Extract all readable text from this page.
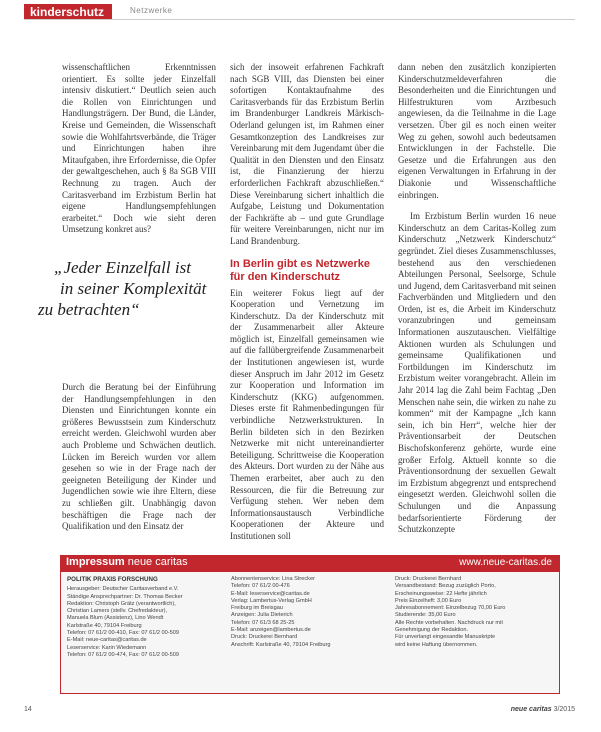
kinderschutz	Netzwerke

wissenschaftlichen Erkenntnissen orientiert. Es sollte jeder Einzelfall intensiv diskutiert.“ Deutlich seien auch die Rollen von Einrichtungen und Handlungsträgern. Der Bund, die Länder, Kreise und Gemeinden, die Wissenschaft sowie die Wohlfahrtsverbände, die Träger und Einrichtungen haben ihre Mitaufgaben, ihre Erfordernisse, die Opfer der gewaltgeschehen, auch § 8a SGB VIII Rechnung zu tragen. Auch der Caritasverband im Erzbistum Berlin hat eigene Handlungsempfehlungen erarbeitet.“ Doch wie sieht deren Umsetzung konkret aus?

„Jeder Einzelfall ist
in seiner Komplexität
zu betrachten“

Durch die Beratung bei der Einführung der Handlungsempfehlungen in den Diensten und Einrichtungen konnte ein größeres Bewusstsein zum Kinderschutz erreicht werden. Gleichwohl wurden aber auch Probleme und Schwächen deutlich. Lücken im Bereich wurden vor allem gesehen so wie in der Frage nach der geeigneten Beteiligung der Kinder und Jugendlichen sowie wie ihre Eltern, diese zu schließen gilt. Unabhängig davon beschäftigen die Frage nach der Qualifikation und den Einsatz der

sich der insoweit erfahrenen Fachkraft nach SGB VIII, das Diensten bei einer sofortigen Kontaktaufnahme des Caritasverbands für das Erzbistum Berlin im Brandenburger Landkreis Märkisch-Oderland gelungen ist, im Rahmen einer Gesamtkonzeption des Landkreises zur Vereinbarung mit dem Jugendamt über die Qualität in den Diensten und den Einsatz ist, die Finanzierung der hierzu erforderlichen Fachkraft abzuschließen.“ Diese Vereinbarung sichert inhaltlich die Aufgabe, Leistung und Dokumentation der Fachkräfte ab – und gute Grundlage für weitere Vereinbarungen, nicht nur im Land Brandenburg.

In Berlin gibt es Netzwerke für den Kinderschutz

Ein weiterer Fokus liegt auf der Kooperation und Vernetzung im Kinderschutz. Da der Kinderschutz mit der Zusammenarbeit aller Akteure möglich ist, Einzelfall gemeinsamen wie auf die fallübergreifende Zusammenarbeit der Institutionen angewiesen ist, wurde dieser Anspruch im Jahr 2012 im Gesetz zur Kooperation und Information im Kinderschutz (KKG) aufgenommen. Dieses erste fit Rahmenbedingungen für verbindliche Netzwerkstrukturen. In Berlin bildeten sich in den Bezirken Netzwerke mit nicht untereinandierter Beteiligung. Schrittweise die Kooperation des Akteurs. Dort wurden zu der Nähe aus Themen erarbeitet, aber auch zu den Ressourcen, die für die Betreuung zur Verfügung stehen. Wer neben dem Informationsaustausch Verbindliche Kooperationen der Akteure und Institutionen soll

dann neben den zusätzlich konzipierten Kinderschutzmeldeverfahren die Besonderheiten und die Einrichtungen und Hilfestrukturen vom Arztbesuch angewiesen, da die Teilnahme in die Lage versetzen. Über gil es noch einen weiter Weg zu gehen, sowohl auch bedeutsamen Entwicklungen in der Fachstelle. Die Gesetze und die Erfahrungen aus den eigenen Verwaltungen in Erfahrung in der Diakonie und Wissenschaftliche einbringen.

Im Erzbistum Berlin wurden 16 neue Kinderschutz an dem Caritas-Kolleg zum Kinderschutz „Netzwerk Kinderschutz“ gegründet. Ziel dieses Zusammenschlusses, bestehend aus den verschiedenen Abteilungen Personal, Seelsorge, Schule und Jugend, dem Caritasverband mit seinen Fachverbänden und Mitgliedern und den Orden, ist es, die Arbeit im Kinderschutz voranzubringen und gemeinsam Informationen auszutauschen. Vielfältige Aktionen wurden als Schulungen und gemeinsame Qualifikationen und Fortbildungen im Kinderschutz im Erzbistum weiter vorangebracht. Allein im Jahr 2014 lag die Zahl beim Fachtag „Den Menschen nahe sein, die wirken zu nahe zu kommen“ mit der Kampagne „Ich kann sein, ich bin Herr“, welche hier der Präventionsarbeit der Deutschen Bischofskonferenz gehörte, wurde eine großer Erfolg. Aktuell konnte so die Präventionsordnung der sexuellen Gewalt im Erzbistum abgegrenzt und entsprechend eingesetzt werden. Gleichwohl sollen die Schulungen und die Anpassung bedarfsorientierte Förderung der Schutzkonzepte

Impressum neue caritas	www.neue-caritas.de

POLITIK PRAXIS FORSCHUNG

Herausgeber: Deutscher Caritasverband e.V.
Ständige Ansprechpartner: Dr. Thomas Becker
Redaktion: Christoph Grätz (verantwortlich),
Christian Lamers (stellv. Chefredakteur),
Manuela Blum (Assistenz), Lino Wendt
Karlstraße 40, 79104 Freiburg
Telefon: 07 61/2 00-410, Fax: 07 61/2 00-509
E-Mail: neue-caritas@caritas.de
Leserservice: Karin Wiedemann
Telefon: 07 61/2 00-474, Fax: 07 61/2 00-509
Abonnentenservice: Lina Strecker
Telefon: 07 61/2 00-476
E-Mail: leserservice@caritas.de
Verlag: Lambertus-Verlag GmbH
Freiburg im Breisgau
Anzeigen: Julia Dieterich
Telefon: 07 61/3 68 25-25
E-Mail: anzeigen@lambertus.de
Druck: Druckerei Bernhard
Anschrift: Karlstraße 40, 79104 Freiburg
Druck: Druckerei Bernhard
Versandbestand: Bezug zuzüglich Porto,
Erscheinungsweise: 22 Hefte jährlich
Preis Einzelheft: 3,00 Euro
Jahresabonnement: Einzelbezug 70,00 Euro
Studierende: 35,00 Euro
Alle Rechte vorbehalten. Nachdruck nur mit
Genehmigung der Redaktion.
Für unverlangt eingesandte Manuskripte
wird keine Haftung übernommen.
14	neue caritas 3/2015
